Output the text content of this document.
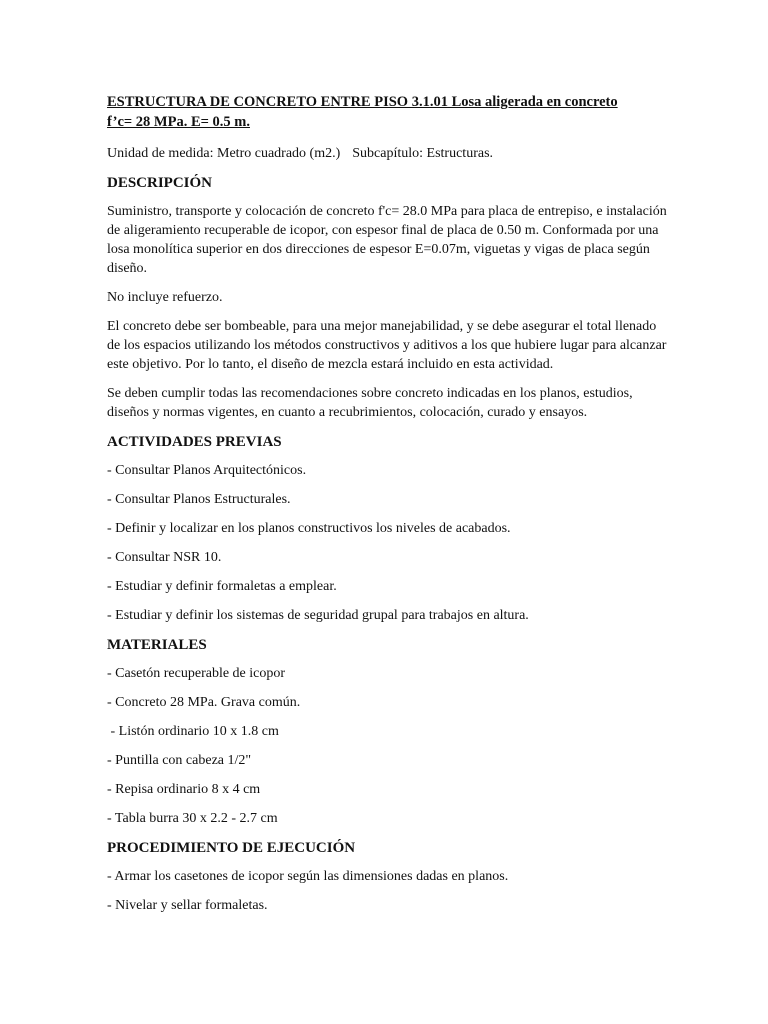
ESTRUCTURA DE CONCRETO ENTRE PISO 3.1.01 Losa aligerada en concreto
f’c= 28 MPa. E= 0.5 m.
Unidad de medida: Metro cuadrado (m2.) Subcapítulo: Estructuras.
DESCRIPCIÓN
Suministro, transporte y colocación de concreto f'c= 28.0 MPa para placa de entrepiso, e instalación de aligeramiento recuperable de icopor, con espesor final de placa de 0.50 m. Conformada por una losa monolítica superior en dos direcciones de espesor E=0.07m, viguetas y vigas de placa según diseño.
No incluye refuerzo.
El concreto debe ser bombeable, para una mejor manejabilidad, y se debe asegurar el total llenado de los espacios utilizando los métodos constructivos y aditivos a los que hubiere lugar para alcanzar este objetivo. Por lo tanto, el diseño de mezcla estará incluido en esta actividad.
Se deben cumplir todas las recomendaciones sobre concreto indicadas en los planos, estudios, diseños y normas vigentes, en cuanto a recubrimientos, colocación, curado y ensayos.
ACTIVIDADES PREVIAS
- Consultar Planos Arquitectónicos.
- Consultar Planos Estructurales.
- Definir y localizar en los planos constructivos los niveles de acabados.
- Consultar NSR 10.
- Estudiar y definir formaletas a emplear.
- Estudiar y definir los sistemas de seguridad grupal para trabajos en altura.
MATERIALES
- Casetón recuperable de icopor
- Concreto 28 MPa. Grava común.
- Listón ordinario 10 x 1.8 cm
- Puntilla con cabeza 1/2"
- Repisa ordinario 8 x 4 cm
- Tabla burra 30 x 2.2 - 2.7 cm
PROCEDIMIENTO DE EJECUCIÓN
- Armar los casetones de icopor según las dimensiones dadas en planos.
- Nivelar y sellar formaletas.
